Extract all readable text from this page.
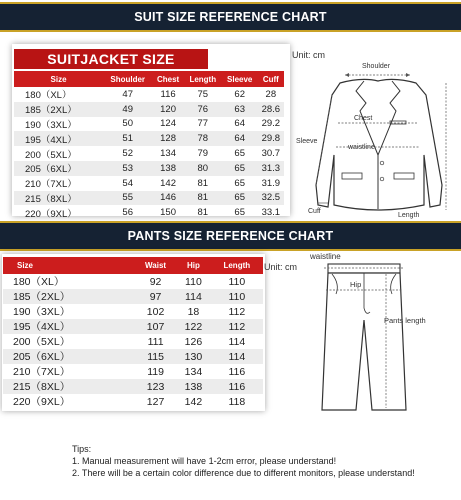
SUIT SIZE REFERENCE CHART
SUITJACKET SIZE
Size	Shoulder	Chest	Length	Sleeve	Cuff
180（XL）	47	116	75	62	28
185（2XL）	49	120	76	63	28.6
190（3XL）	50	124	77	64	29.2
195（4XL）	51	128	78	64	29.8
200（5XL）	52	134	79	65	30.7
205（6XL）	53	138	80	65	31.3
210（7XL）	54	142	81	65	31.9
215（8XL）	55	146	81	65	32.5
220（9XL）	56	150	81	65	33.1
Unit: cm
Shoulder
Chest
waistline
Sleeve
Cuff
Length
PANTS SIZE REFERENCE CHART
Size	Waist	Hip	Length
180（XL）	92	110	110
185（2XL）	97	114	110
190（3XL）	102	18	112
195（4XL）	107	122	112
200（5XL）	111	126	114
205（6XL）	115	130	114
210（7XL）	119	134	116
215（8XL）	123	138	116
220（9XL）	127	142	118
Unit: cm
waistline
Hip
Pants length
Tips:
1. Manual measurement will have 1-2cm error, please understand!
2. There will be a certain color difference due to different monitors, please understand!
